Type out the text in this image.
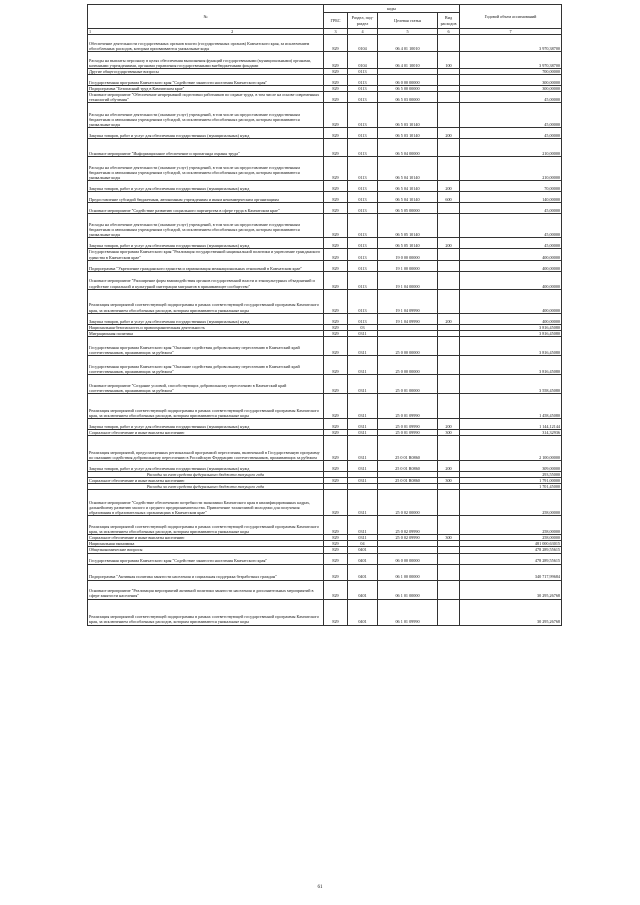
№	коды				Годовой объем ассигнований
	ГРБС	Раздел, под- раздел	Целевая статья	Вид расходов	
1 2	3	4	5	6	7
Обеспечение деятельности государственных органов власти (государственных органов) Камчатского края, за исключением обособленных расходов, которым присваиваются уникальные коды	829	0104	06 4 01 10010		3 970,38700
Расходы на выплаты персоналу в целях обеспечения выполнения функций государственными (муниципальными) органами, казенными учреждениями, органами управления государственными внебюджетными фондами	829	0104	06 4 01 10010	100	3 970,38700
Другие общегосударственные вопросы	829	0113			700,00000
Государственная программа Камчатского края "Содействие занятости населения Камчатского края"	829	0113	06 0 00 00000		300,00000
Подпрограмма "Безопасный труд в Камчатском крае"	829	0113	06 5 00 00000		300,00000
Основное мероприятие "Обеспечение непрерывной подготовки работников по охране труда, в том числе на основе современных технологий обучения"	829	0113	06 5 03 00000		45,00000
Расходы на обеспечение деятельности (оказание услуг) учреждений, в том числе на предоставление государственным бюджетным и автономным учреждениям субсидий, за исключением обособленных расходов, которым присваиваются уникальные коды	829	0113	06 5 03 10140		45,00000
Закупка товаров, работ и услуг для обеспечения государственных (муниципальных) нужд	829	0113	06 5 03 10140	200	45,00000
Основное мероприятие "Информационное обеспечение и пропаганда охраны труда"	829	0113	06 5 04 00000		210,00000
Расходы на обеспечение деятельности (оказание услуг) учреждений, в том числе на предоставление государственным бюджетным и автономным учреждениям субсидий, за исключением обособленных расходов, которым присваиваются уникальные коды	829	0113	06 5 04 10140		210,00000
Закупка товаров, работ и услуг для обеспечения государственных (муниципальных) нужд	829	0113	06 5 04 10140	200	70,00000
Предоставление субсидий бюджетным, автономным учреждениям и иным некоммерческим организациям	829	0113	06 5 04 10140	600	140,00000
Основное мероприятие "Содействие развитию социального партнерства в сфере труда в Камчатском крае"	829	0113	06 5 05 00000		45,00000
Расходы на обеспечение деятельности (оказание услуг) учреждений, в том числе на предоставление государственным бюджетным и автономным учреждениям субсидий, за исключением обособленных расходов, которым присваиваются уникальные коды	829	0113	06 5 05 10140		45,00000
Закупка товаров, работ и услуг для обеспечения государственных (муниципальных) нужд	829	0113	06 5 05 10140	200	45,00000
Государственная программа Камчатского края "Реализация государственной национальной политики и укрепление гражданского единства в Камчатском крае"	829	0113	19 0 00 00000		400,00000
Подпрограмма "Укрепление гражданского единства и гармонизация межнациональных отношений в Камчатском крае"	829	0113	19 1 00 00000		400,00000
Основное мероприятие "Расширение форм взаимодействия органов государственной власти и этнокультурных объединений и содействие социальной и культурной интеграции мигрантов в принимающее сообщество"	829	0113	19 1 04 00000		400,00000
Реализация мероприятий соответствующей подпрограммы в рамках соответствующей государственной программы Камчатского края, за исключением обособленных расходов, которым присваиваются уникальные коды	829	0113	19 1 04 09990		400,00000
Закупка товаров, работ и услуг для обеспечения государственных (муниципальных) нужд	829	0113	19 1 04 09990	200	400,00000
Национальная безопасность и правоохранительная деятельность	829	03			3 816,45080
Миграционная политика	829	0311			3 816,45080
Государственная программа Камчатского края "Оказание содействия добровольному переселению в Камчатский край соотечественников, проживающих за рубежом"	829	0311	25 0 00 00000		3 816,45080
Государственная программа Камчатского края "Оказание содействия добровольному переселению в Камчатский край соотечественников, проживающих за рубежом"	829	0311	25 0 00 00000		3 816,45080
Основное мероприятие "Создание условий, способствующих добровольному переселению в Камчатский край соотечественников, проживающих за рубежом"	829	0311	25 0 01 00000		3 558,45080
Реализация мероприятий соответствующей подпрограммы в рамках соответствующей государственной программы Камчатского края, за исключением обособленных расходов, которым присваиваются уникальные коды	829	0311	25 0 01 09990		1 458,45080
Закупка товаров, работ и услуг для обеспечения государственных (муниципальных) нужд	829	0311	25 0 01 09990	200	1 144,12144
Социальное обеспечение и иные выплаты населению	829	0311	25 0 01 09990	300	314,32936
Реализация мероприятий, предусмотренных региональной программой переселения, включенной в Государственную программу по оказанию содействия добровольному переселению в Российскую Федерацию соотечественников, проживающих за рубежом	829	0311	25 0 01 R0860		2 100,00000
Закупка товаров, работ и услуг для обеспечения государственных (муниципальных) нужд	829	0311	25 0 01 R0860	200	309,00000
Расходы за счет средств федерального бюджета текущего года					293,55000
Социальное обеспечение и иные выплаты населению	829	0311	25 0 01 R0860	300	1 791,00000
Расходы за счет средств федерального бюджета текущего года					1 701,45000
Основное мероприятие "Содействие обеспечению потребности экономики Камчатского края в квалифицированных кадрах, дальнейшему развитию малого и среднего предпринимательства. Привлечение талантливой молодежи для получения образования в образовательных организациях в Камчатском крае"	829	0311	25 0 02 00000		258,00000
Реализация мероприятий соответствующей подпрограммы в рамках соответствующей государственной программы Камчатского края, за исключением обособленных расходов, которым присваиваются уникальные коды	829	0311	25 0 02 09990		258,00000
Социальное обеспечение и иные выплаты населению	829	0311	25 0 02 09990	300	258,00000
Национальная экономика	829	04			481 000,63015
Общеэкономические вопросы	829	0401			478 289,55615
Государственная программа Камчатского края "Содействие занятости населения Камчатского края"	829	0401	06 0 00 00000		478 289,55615
Подпрограмма "Активная политика занятости населения и социальная поддержка безработных граждан"	829	0401	06 1 00 00000		340 717,99684
Основное мероприятие "Реализация мероприятий активной политики занятости населения и дополнительных мероприятий в сфере занятости населения"	829	0401	06 1 01 00000		30 295,26768
Реализация мероприятий соответствующей подпрограммы в рамках соответствующей государственной программы Камчатского края, за исключением обособленных расходов, которым присваиваются уникальные коды	829	0401	06 1 01 09990		30 295,26768
61
